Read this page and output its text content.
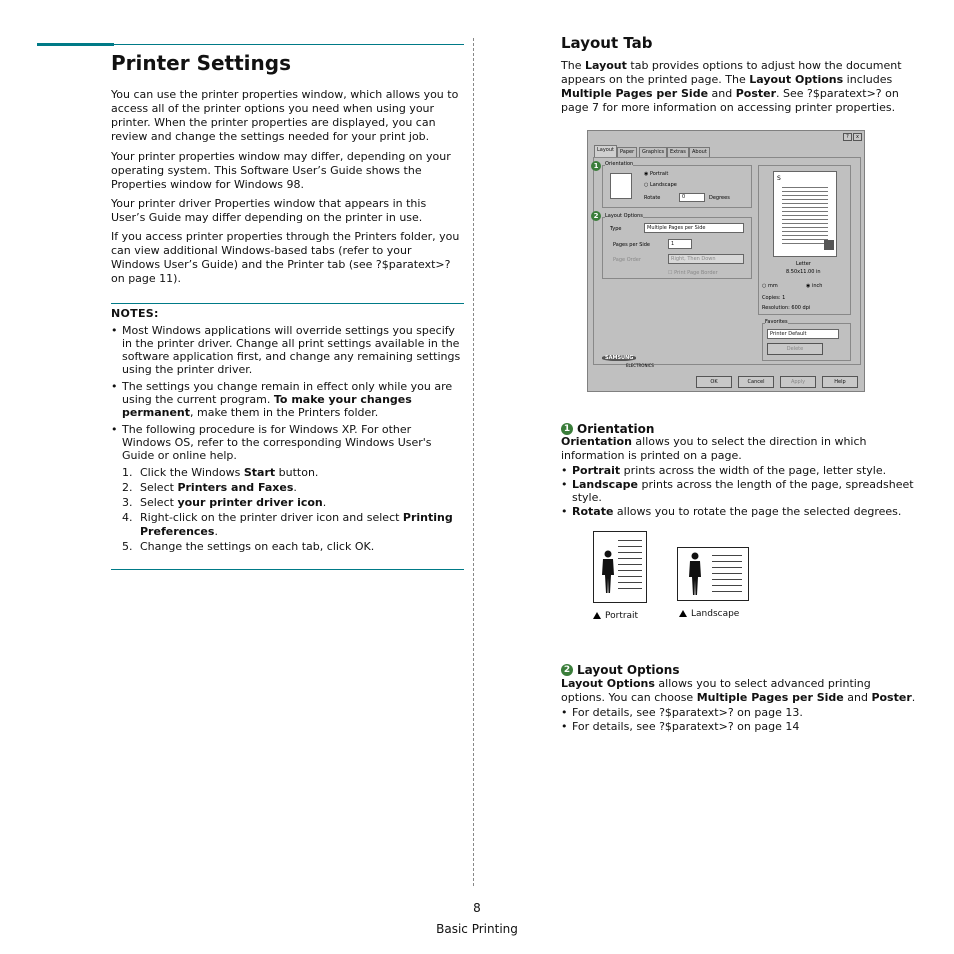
Printer Settings

You can use the printer properties window, which allows you to access all of the printer options you need when using your printer. When the printer properties are displayed, you can review and change the settings needed for your print job.

Your printer properties window may differ, depending on your operating system. This Software User’s Guide shows the Properties window for Windows 98.

Your printer driver Properties window that appears in this User’s Guide may differ depending on the printer in use.

If you access printer properties through the Printers folder, you can view additional Windows-based tabs (refer to your Windows User’s Guide) and the Printer tab (see ?$paratext>? on page 11).

NOTES:
• Most Windows applications will override settings you specify in the printer driver. Change all print settings available in the software application first, and change any remaining settings using the printer driver.
• The settings you change remain in effect only while you are using the current program. To make your changes permanent, make them in the Printers folder.
• The following procedure is for Windows XP. For other Windows OS, refer to the corresponding Windows User's Guide or online help.
1. Click the Windows Start button.
2. Select Printers and Faxes.
3. Select your printer driver icon.
4. Right-click on the printer driver icon and select Printing Preferences.
5. Change the settings on each tab, click OK.
Layout Tab

The Layout tab provides options to adjust how the document appears on the printed page. The Layout Options includes Multiple Pages per Side and Poster. See ?$paratext>? on page 7 for more information on accessing printer properties.

?	x
Layout	Paper	Graphics	Extras	About
1
2
Orientation
◉ Portrait
○ Landscape
Rotate	0	Degrees
Layout Options
Type	Multiple Pages per Side
Pages per Side	1
Page Order	Right, Then Down
☐ Print Page Border
S
Letter
8.50x11.00 in
○ mm	◉ inch
Copies: 1
Resolution: 600 dpi
Favorites
Printer Default
Delete
SAMSUNG
ELECTRONICS
OK	Cancel	Apply	Help
1 Orientation

Orientation allows you to select the direction in which information is printed on a page.

• Portrait prints across the width of the page, letter style.
• Landscape prints across the length of the page, spreadsheet style.
• Rotate allows you to rotate the page the selected degrees.
Portrait	Landscape
2 Layout Options

Layout Options allows you to select advanced printing options. You can choose Multiple Pages per Side and Poster.

• For details, see ?$paratext>? on page 13.
• For details, see ?$paratext>? on page 14
8
Basic Printing
